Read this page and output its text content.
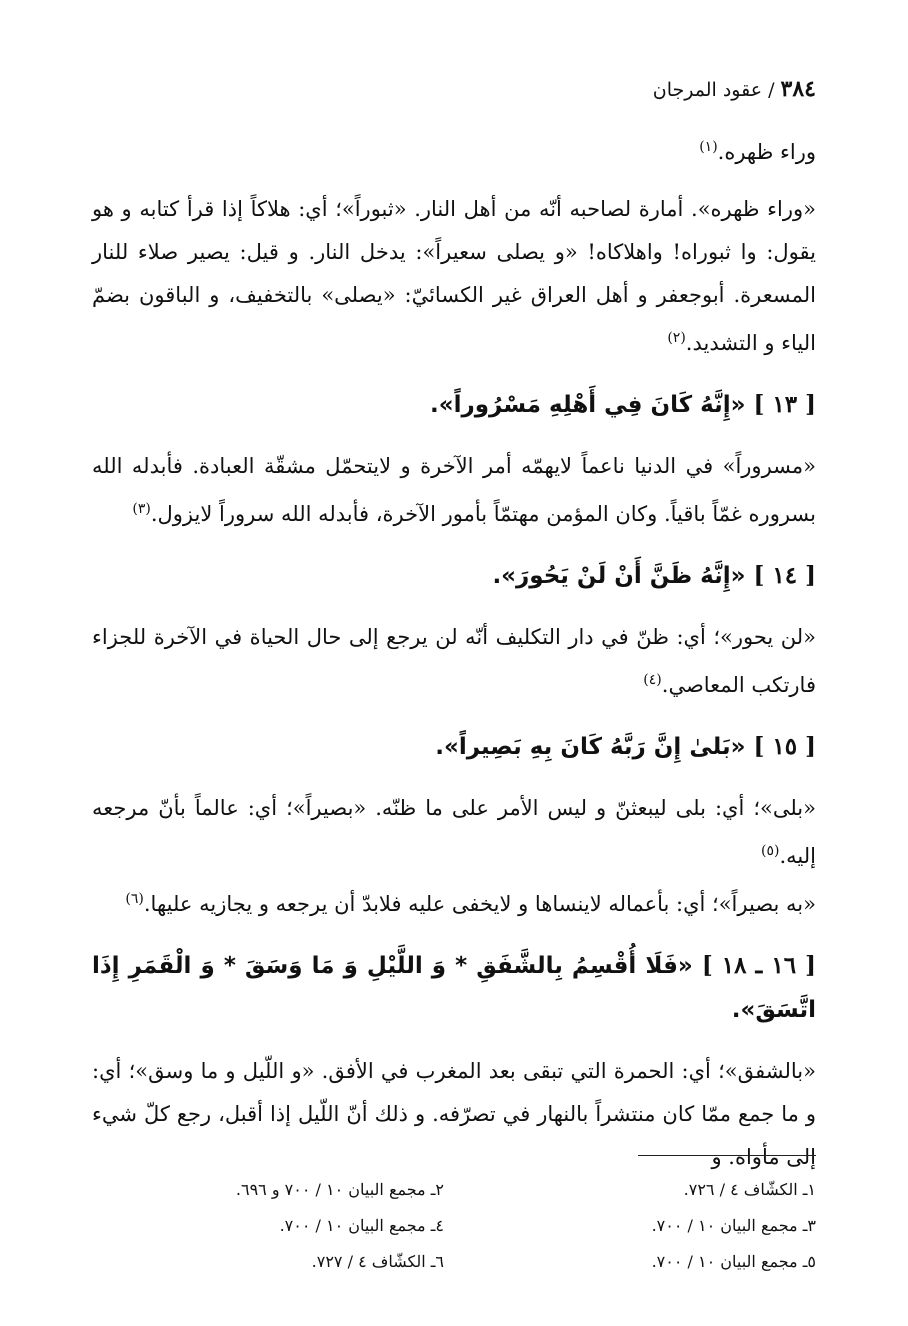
٣٨٤ / عقود المرجان

وراء ظهره.$^{(١)}$

«وراء ظهره». أمارة لصاحبه أنّه من أهل النار. «ثبوراً»؛ أي: هلاكاً إذا قرأ كتابه و هو يقول: وا ثبوراه! واهلاكاه! «و يصلى سعيراً»: يدخل النار. و قيل: يصير صلاء للنار المسعرة. أبوجعفر و أهل العراق غير الكسائيّ: «يصلى» بالتخفيف، و الباقون بضمّ الياء و التشديد.$^{(٢)}$

[ ١٣ ] «إِنَّهُ كَانَ فِي أَهْلِهِ مَسْرُوراً».

«مسروراً» في الدنيا ناعماً لايهمّه أمر الآخرة و لايتحمّل مشقّة العبادة. فأبدله الله بسروره غمّاً باقياً. وكان المؤمن مهتمّاً بأمور الآخرة، فأبدله الله سروراً لايزول.$^{(٣)}$

[ ١٤ ] «إِنَّهُ ظَنَّ أَنْ لَنْ يَحُورَ».

«لن يحور»؛ أي: ظنّ في دار التكليف أنّه لن يرجع إلى حال الحياة في الآخرة للجزاء فارتكب المعاصي.$^{(٤)}$

[ ١٥ ] «بَلىٰ إِنَّ رَبَّهُ كَانَ بِهِ بَصِيراً».

«بلى»؛ أي: بلى ليبعثنّ و ليس الأمر على ما ظنّه. «بصيراً»؛ أي: عالماً بأنّ مرجعه إليه.$^{(٥)}$

«به بصيراً»؛ أي: بأعماله لاينساها و لايخفى عليه فلابدّ أن يرجعه و يجازيه عليها.$^{(٦)}$

[ ١٦ ـ ١٨ ] «فَلَا أُقْسِمُ بِالشَّفَقِ * وَ اللَّيْلِ وَ مَا وَسَقَ * وَ الْقَمَرِ إِذَا اتَّسَقَ».

«بالشفق»؛ أي: الحمرة التي تبقى بعد المغرب في الأفق. «و اللّيل و ما وسق»؛ أي: و ما جمع ممّا كان منتشراً بالنهار في تصرّفه. و ذلك أنّ اللّيل إذا أقبل، رجع كلّ شيء إلى مأواه. و

١ـ الكشّاف ٤ / ٧٢٦.
٢ـ مجمع البيان ١٠ / ٧٠٠ و ٦٩٦.
٣ـ مجمع البيان ١٠ / ٧٠٠.
٤ـ مجمع البيان ١٠ / ٧٠٠.
٥ـ مجمع البيان ١٠ / ٧٠٠.
٦ـ الكشّاف ٤ / ٧٢٧.
